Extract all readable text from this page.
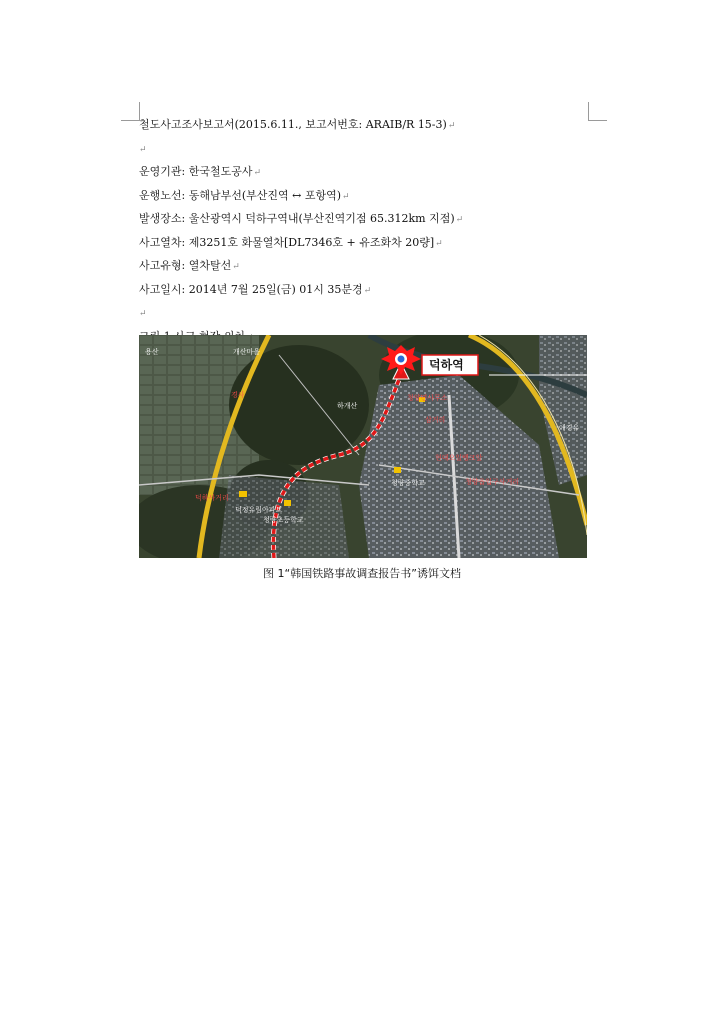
철도사고조사보고서(2015.6.11., 보고서번호: ARAIB/R 15-3)↵
↵
운영기관: 한국철도공사↵
운행노선: 동해남부선(부산진역 ↔ 포항역)↵
발생장소: 울산광역시 덕하구역내(부산진역기점 65.312km 지점)↵
사고열차: 제3251호 화물열차[DL7346호 + 유조화차 20량]↵
사고유형: 열차탈선↵
사고일시: 2014년 7월 25일(금) 01시 35분경↵
↵
덕하역
용산	개산마을
경사
하개산
청양면사무소
삼거리
현대오일뱅크앞
청양읍입구사거리
청량중학교
덕하사거리
덕정유림아파트
청량초등학교
애경유
图 1“韩国铁路事故调查报告书”诱饵文档
